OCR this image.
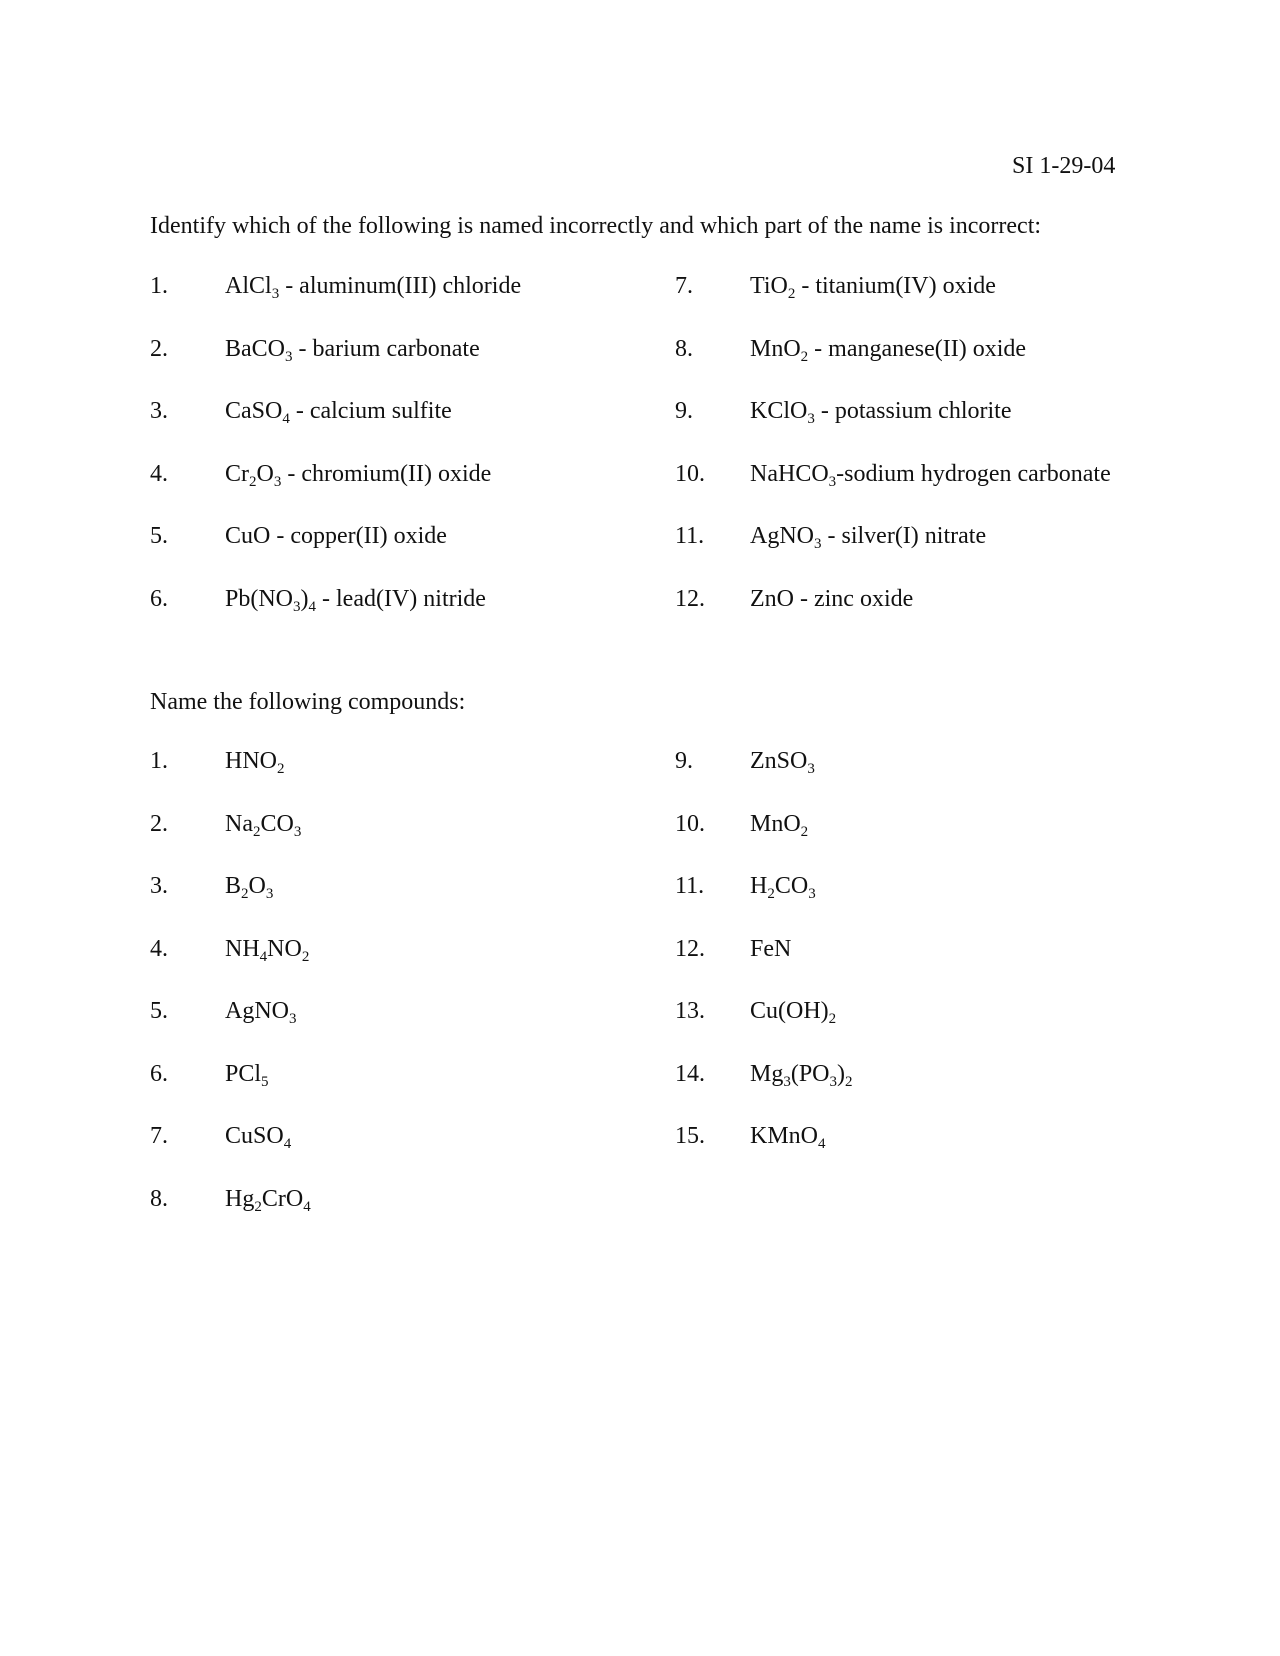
SI 1-29-04
Identify which of the following is named incorrectly and which part of the name is incorrect:
1. AlCl$_3$ - aluminum(III) chloride
2. BaCO$_3$ - barium carbonate
3. CaSO$_4$ - calcium sulfite
4. $Cr_2O_3$ - chromium(II) oxide
5. CuO - copper(II) oxide
6. $Pb(NO_3)_4$ - lead(IV) nitride
7. TiO$_2$ - titanium(IV) oxide
8. MnO$_2$ - manganese(II) oxide
9. KClO$_3$ - potassium chlorite
10. NaHCO$_3$-sodium hydrogen carbonate
11. AgNO$_3$ - silver(I) nitrate
12. ZnO - zinc oxide
Name the following compounds:
1. $HNO_2$
2. $Na_2CO_3$
3. $B_2O_3$
4. $NH_4NO_2$
5. AgNO$_3$
6. PCl$_5$
7. CuSO$_4$
8. $Hg_2CrO_4$
9. ZnSO$_3$
10. MnO$_2$
11. $H_2CO_3$
12. FeN
13. $Cu(OH)_2$
14. $Mg_3(PO_3)_2$
15. KMnO$_4$
